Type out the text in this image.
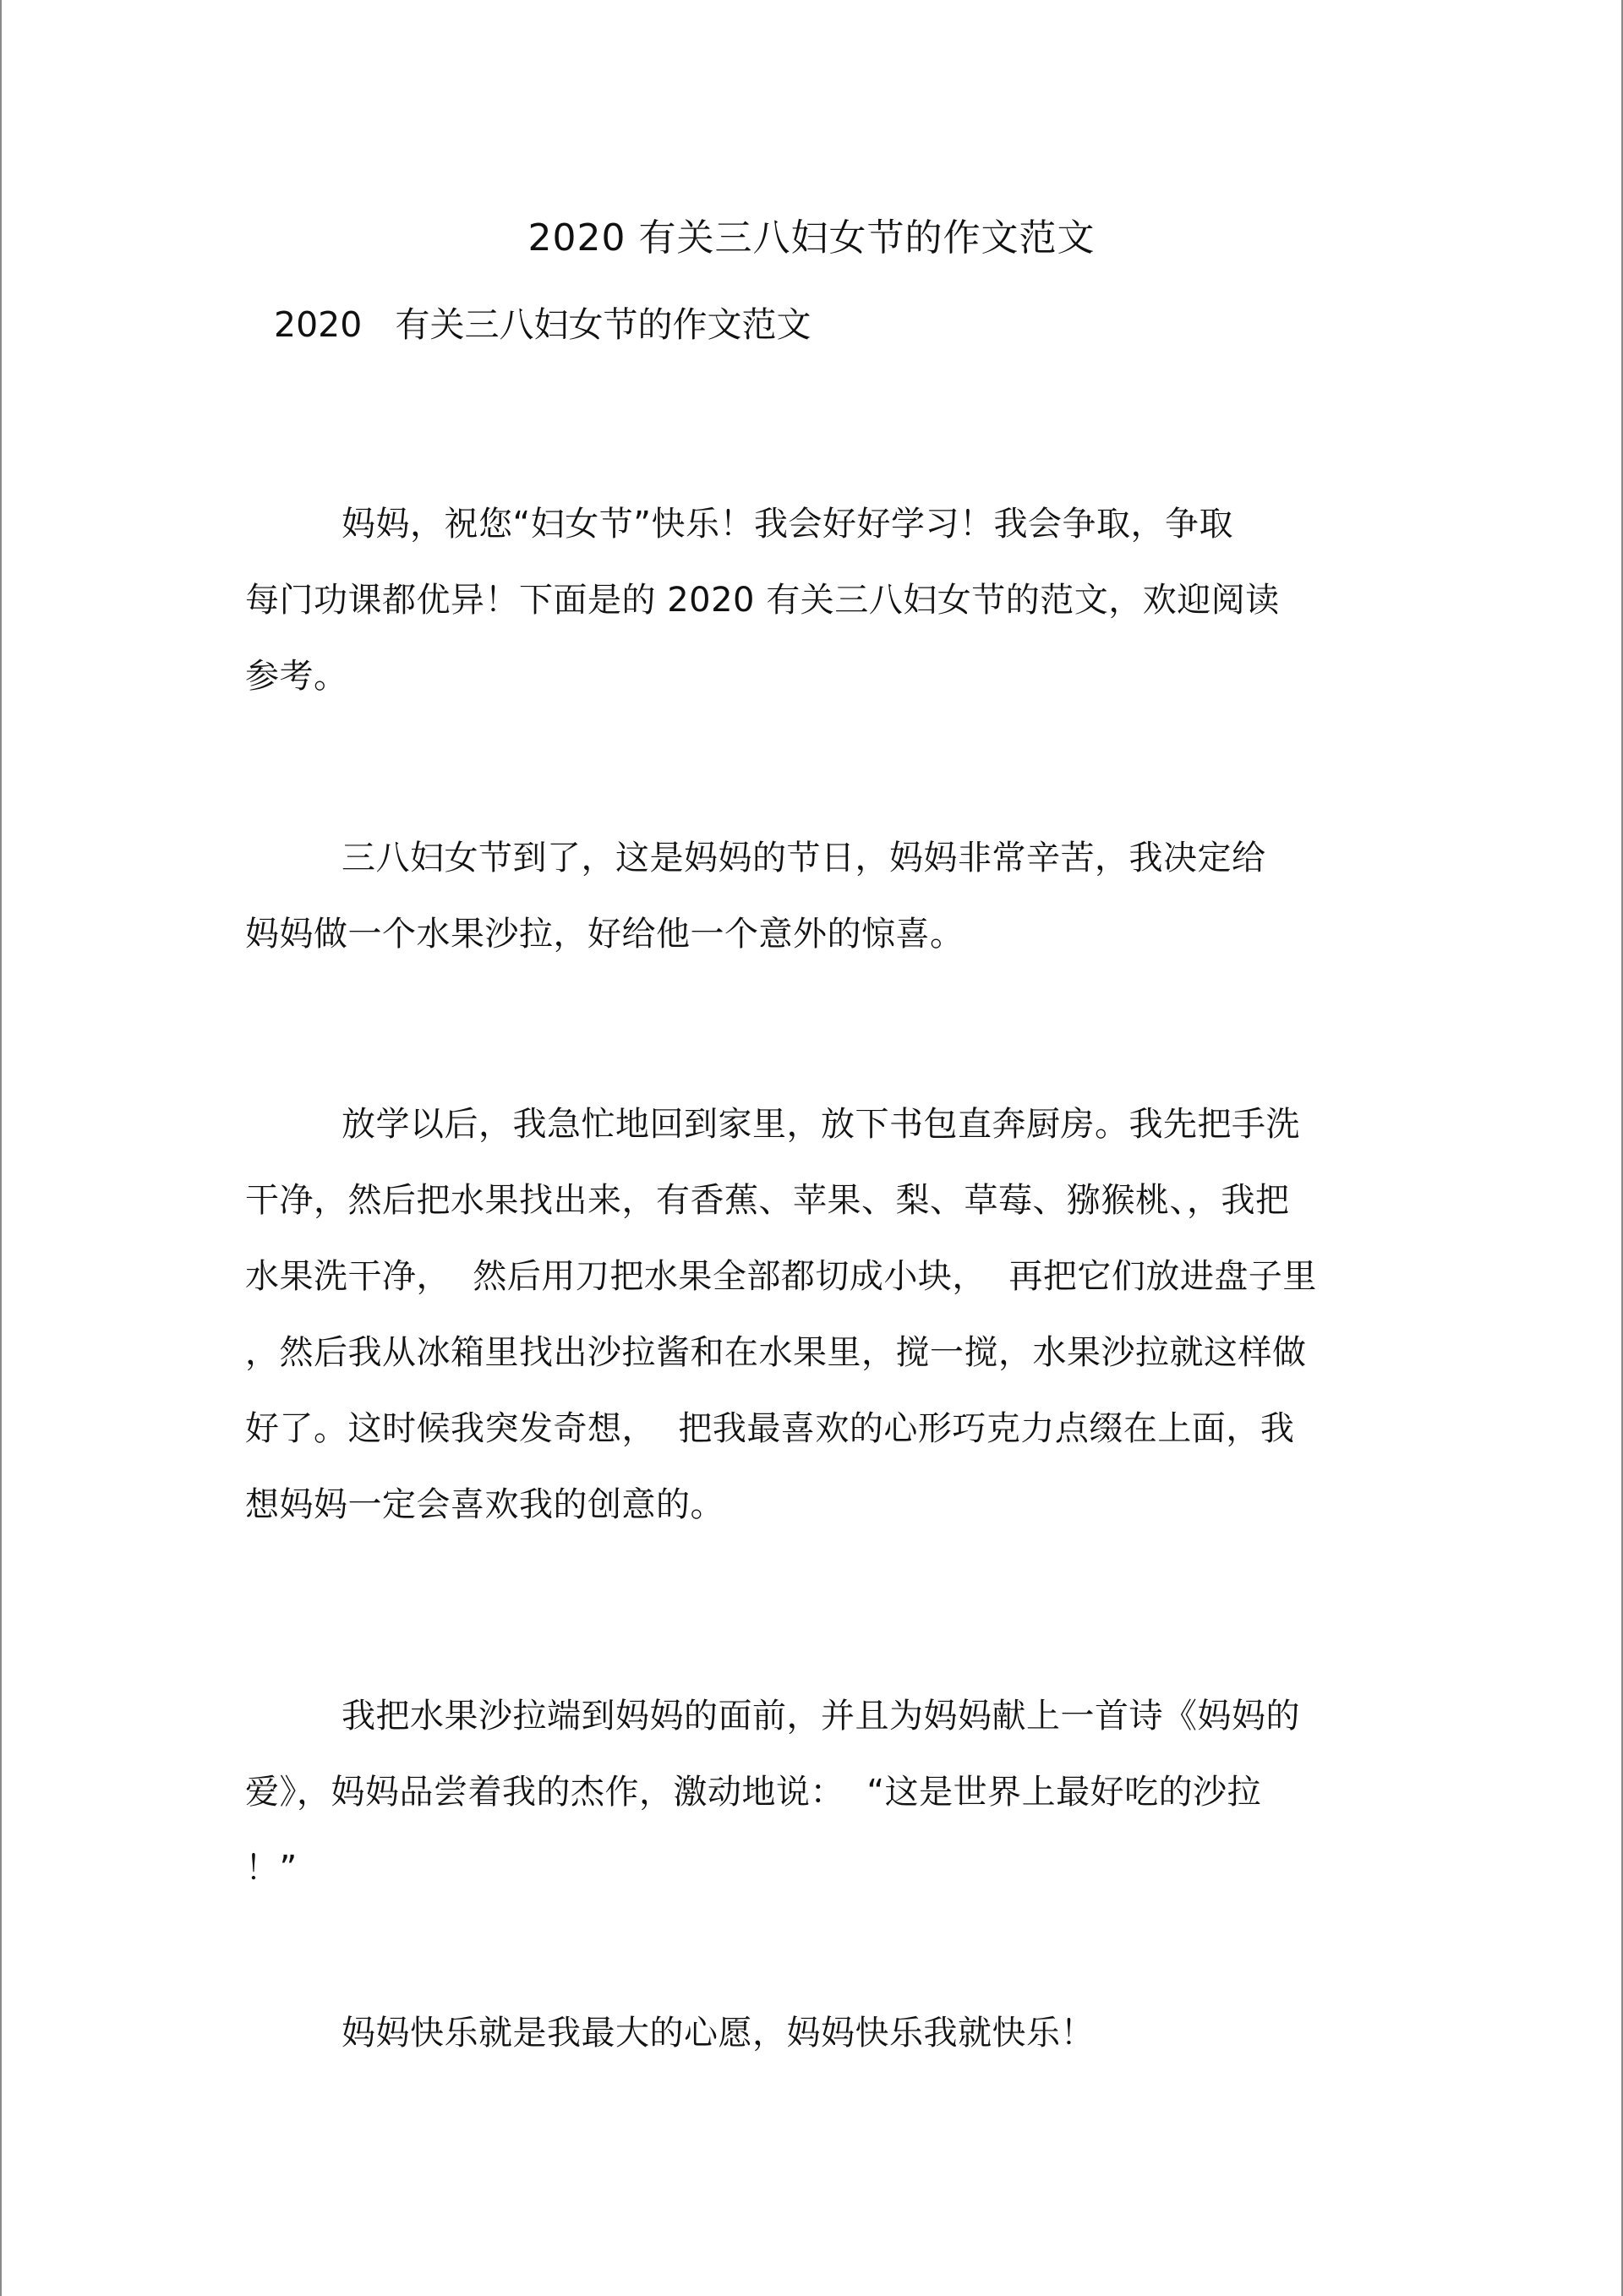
2020 有关三八妇女节的作文范文
2020   有关三八妇女节的作文范文
妈妈，祝您“妇女节”快乐！我会好好学习！我会争取，争取
每门功课都优异！下面是的 2020 有关三八妇女节的范文，欢迎阅读
参考。
三八妇女节到了，这是妈妈的节日，妈妈非常辛苦，我决定给
妈妈做一个水果沙拉，好给他一个意外的惊喜。
放学以后，我急忙地回到家里，放下书包直奔厨房。我先把手洗
干净，然后把水果找出来，有香蕉、苹果、梨、草莓、猕猴桃、，我把
水果洗干净，  然后用刀把水果全部都切成小块，  再把它们放进盘子里
，然后我从冰箱里找出沙拉酱和在水果里，搅一搅，水果沙拉就这样做
好了。这时候我突发奇想，  把我最喜欢的心形巧克力点缀在上面，我
想妈妈一定会喜欢我的创意的。
我把水果沙拉端到妈妈的面前，并且为妈妈献上一首诗《妈妈的
爱》，妈妈品尝着我的杰作，激动地说：  “这是世界上最好吃的沙拉
！”
妈妈快乐就是我最大的心愿，妈妈快乐我就快乐！
